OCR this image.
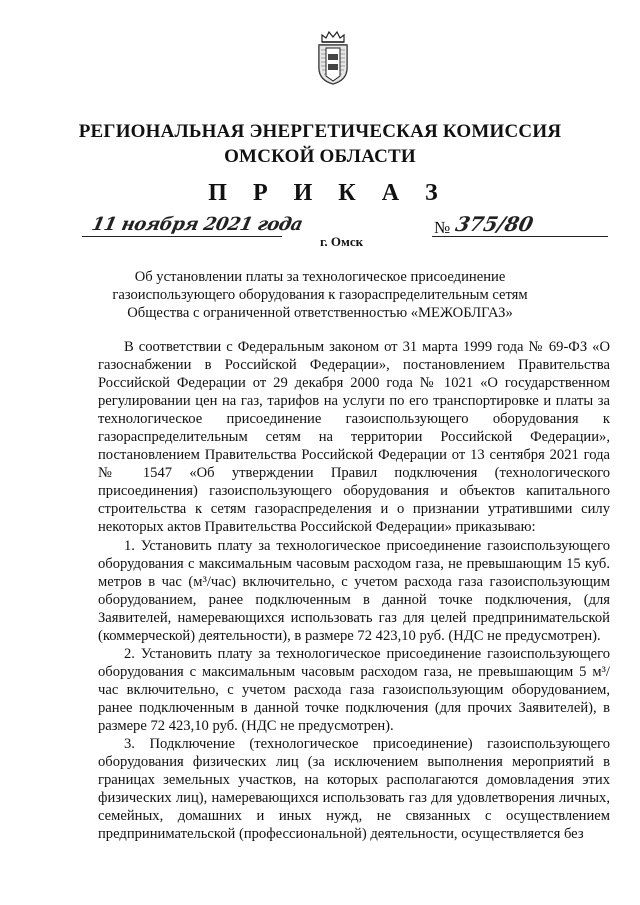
РЕГИОНАЛЬНАЯ ЭНЕРГЕТИЧЕСКАЯ КОМИССИЯ
ОМСКОЙ ОБЛАСТИ
П Р И К А З
11 ноября 2021 года
г. Омск
№ 375/80
Об установлении платы за технологическое присоединение
газоиспользующего оборудования к газораспределительным сетям
Общества с ограниченной ответственностью «МЕЖОБЛГАЗ»

В соответствии с Федеральным законом от 31 марта 1999 года № 69-ФЗ «О газоснабжении в Российской Федерации», постановлением Правительства Российской Федерации от 29 декабря 2000 года № 1021 «О государственном регулировании цен на газ, тарифов на услуги по его транспортировке и платы за технологическое присоединение газоиспользующего оборудования к газораспределительным сетям на территории Российской Федерации», постановлением Правительства Российской Федерации от 13 сентября 2021 года № 1547 «Об утверждении Правил подключения (технологического присоединения) газоиспользующего оборудования и объектов капитального строительства к сетям газораспределения и о признании утратившими силу некоторых актов Правительства Российской Федерации» приказываю:

1. Установить плату за технологическое присоединение газоиспользующего оборудования с максимальным часовым расходом газа, не превышающим 15 куб. метров в час (м³/час) включительно, с учетом расхода газа газоиспользующим оборудованием, ранее подключенным в данной точке подключения, (для Заявителей, намеревающихся использовать газ для целей предпринимательской (коммерческой) деятельности), в размере 72 423,10 руб. (НДС не предусмотрен).

2. Установить плату за технологическое присоединение газоиспользующего оборудования с максимальным часовым расходом газа, не превышающим 5 м³/час включительно, с учетом расхода газа газоиспользующим оборудованием, ранее подключенным в данной точке подключения (для прочих Заявителей), в размере 72 423,10 руб. (НДС не предусмотрен).

3. Подключение (технологическое присоединение) газоиспользующего оборудования физических лиц (за исключением выполнения мероприятий в границах земельных участков, на которых располагаются домовладения этих физических лиц), намеревающихся использовать газ для удовлетворения личных, семейных, домашних и иных нужд, не связанных с осуществлением предпринимательской (профессиональной) деятельности, осуществляется без
